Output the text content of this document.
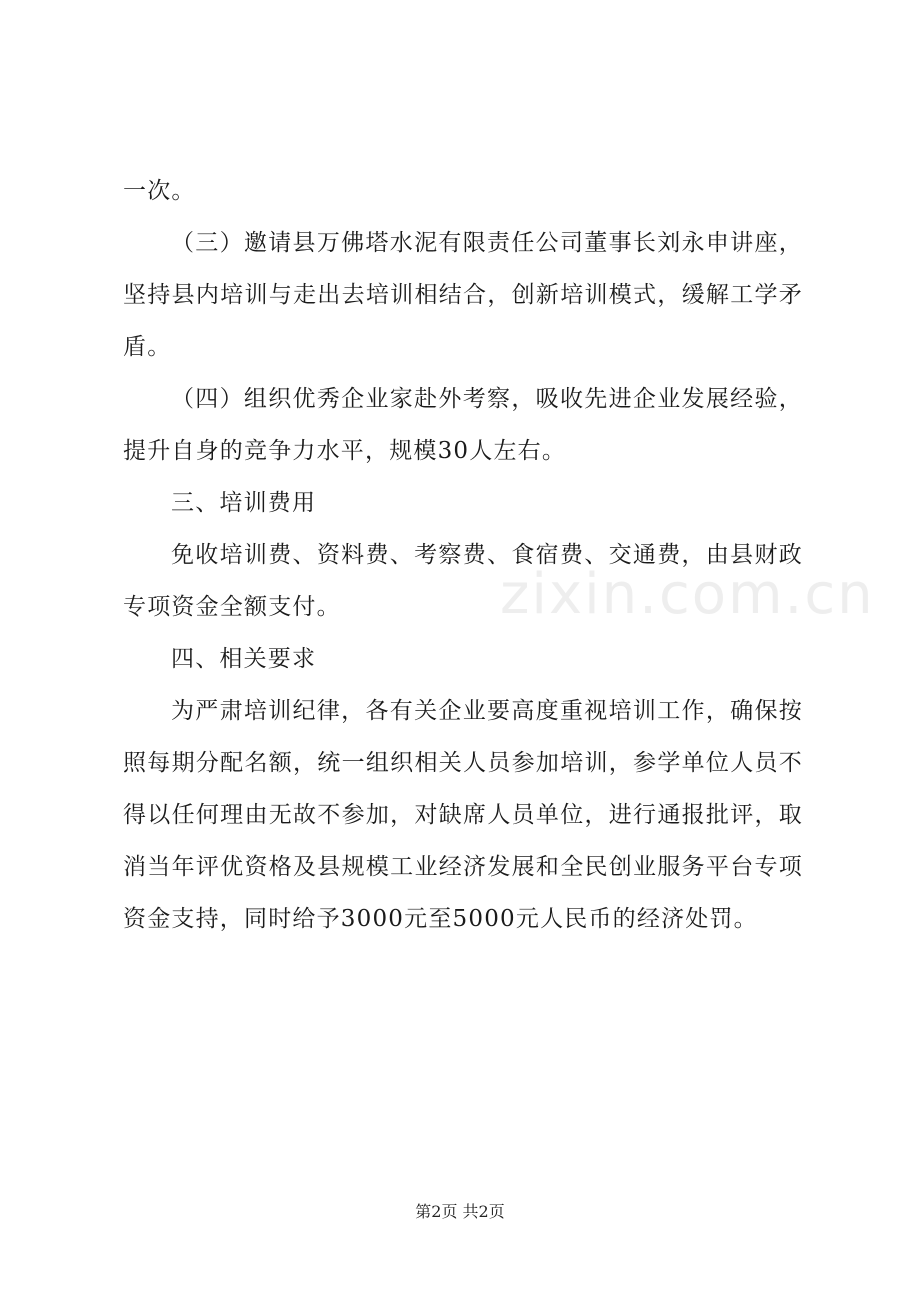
一次。

（三）邀请县万佛塔水泥有限责任公司董事长刘永申讲座，坚持县内培训与走出去培训相结合，创新培训模式，缓解工学矛盾。

（四）组织优秀企业家赴外考察，吸收先进企业发展经验，提升自身的竞争力水平，规模30人左右。

三、培训费用

免收培训费、资料费、考察费、食宿费、交通费，由县财政专项资金全额支付。

四、相关要求

为严肃培训纪律，各有关企业要高度重视培训工作，确保按照每期分配名额，统一组织相关人员参加培训，参学单位人员不得以任何理由无故不参加，对缺席人员单位，进行通报批评，取消当年评优资格及县规模工业经济发展和全民创业服务平台专项资金支持，同时给予3000元至5000元人民币的经济处罚。

zixin.com.cn
第2页 共2页
